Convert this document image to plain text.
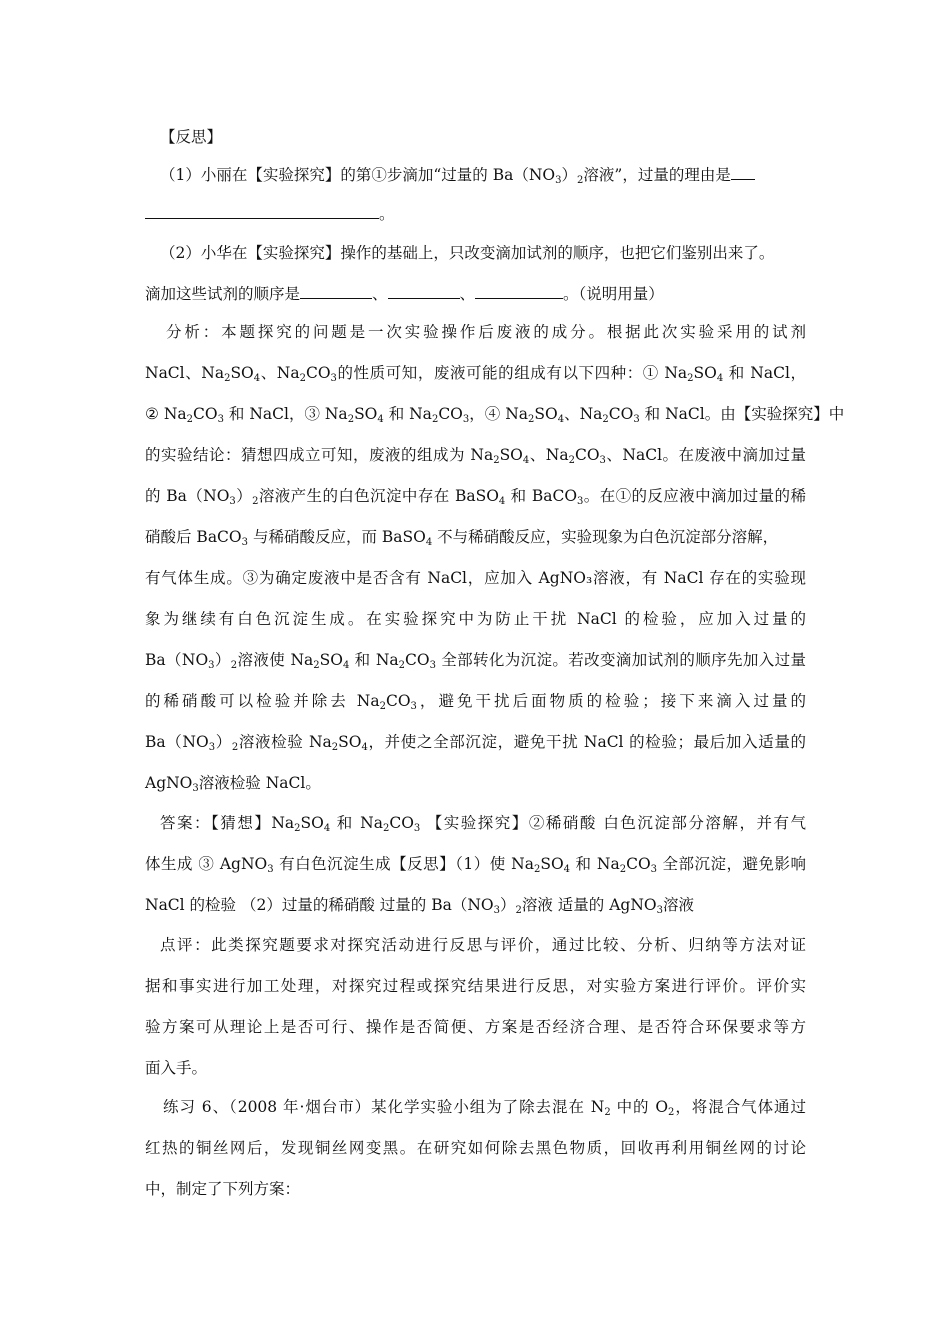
【反思】
（1）小丽在【实验探究】的第①步滴加“过量的 $Ba(NO_3)_2$溶液”，过量的理由是
。
（2）小华在【实验探究】操作的基础上，只改变滴加试剂的顺序，也把它们鉴别出来了。
滴加这些试剂的顺序是	、	、	。（说明用量）
分析：本题探究的问题是一次实验操作后废液的成分。根据此次实验采用的试剂
NaCl、$Na_2SO_4$、$Na_2CO_3$的性质可知，废液可能的组成有以下四种：① $Na_2SO_4$ 和 NaCl，
② $Na_2CO_3$ 和 NaCl，③ $Na_2SO_4$ 和 $Na_2CO_3$，④ $Na_2SO_4$、$Na_2CO_3$ 和 NaCl。由【实验探究】中
的实验结论：猜想四成立可知，废液的组成为 $Na_2SO_4$、$Na_2CO_3$、NaCl。在废液中滴加过量
的 $Ba(NO_3)_2$溶液产生的白色沉淀中存在 BaSO$_4$ 和 BaCO$_3$。在①的反应液中滴加过量的稀
硝酸后 BaCO$_3$ 与稀硝酸反应，而 BaSO$_4$ 不与稀硝酸反应，实验现象为白色沉淀部分溶解，
有气体生成。③为确定废液中是否含有 NaCl，应加入 AgNO₃溶液，有 NaCl 存在的实验现
象为继续有白色沉淀生成。在实验探究中为防止干扰 NaCl 的检验，应加入过量的
$Ba(NO_3)_2$溶液使 $Na_2SO_4$ 和 $Na_2CO_3$ 全部转化为沉淀。若改变滴加试剂的顺序先加入过量
的稀硝酸可以检验并除去 $Na_2CO_3$，避免干扰后面物质的检验；接下来滴入过量的
$Ba(NO_3)_2$溶液检验 $Na_2SO_4$，并使之全部沉淀，避免干扰 NaCl 的检验；最后加入适量的
AgNO$_3$溶液检验 NaCl。
答案：【猜想】$Na_2SO_4$ 和 $Na_2CO_3$ 【实验探究】②稀硝酸 白色沉淀部分溶解，并有气
体生成 ③ AgNO$_3$ 有白色沉淀生成【反思】（1）使 $Na_2SO_4$ 和 $Na_2CO_3$ 全部沉淀，避免影响
NaCl 的检验 （2）过量的稀硝酸 过量的 $Ba(NO_3)_2$溶液 适量的 AgNO$_3$溶液
点评：此类探究题要求对探究活动进行反思与评价，通过比较、分析、归纳等方法对证
据和事实进行加工处理，对探究过程或探究结果进行反思，对实验方案进行评价。评价实
验方案可从理论上是否可行、操作是否简便、方案是否经济合理、是否符合环保要求等方
面入手。
练习 6、（2008 年·烟台市）某化学实验小组为了除去混在 $N_2$ 中的 $O_2$，将混合气体通过
红热的铜丝网后，发现铜丝网变黑。在研究如何除去黑色物质，回收再利用铜丝网的讨论
中，制定了下列方案：
